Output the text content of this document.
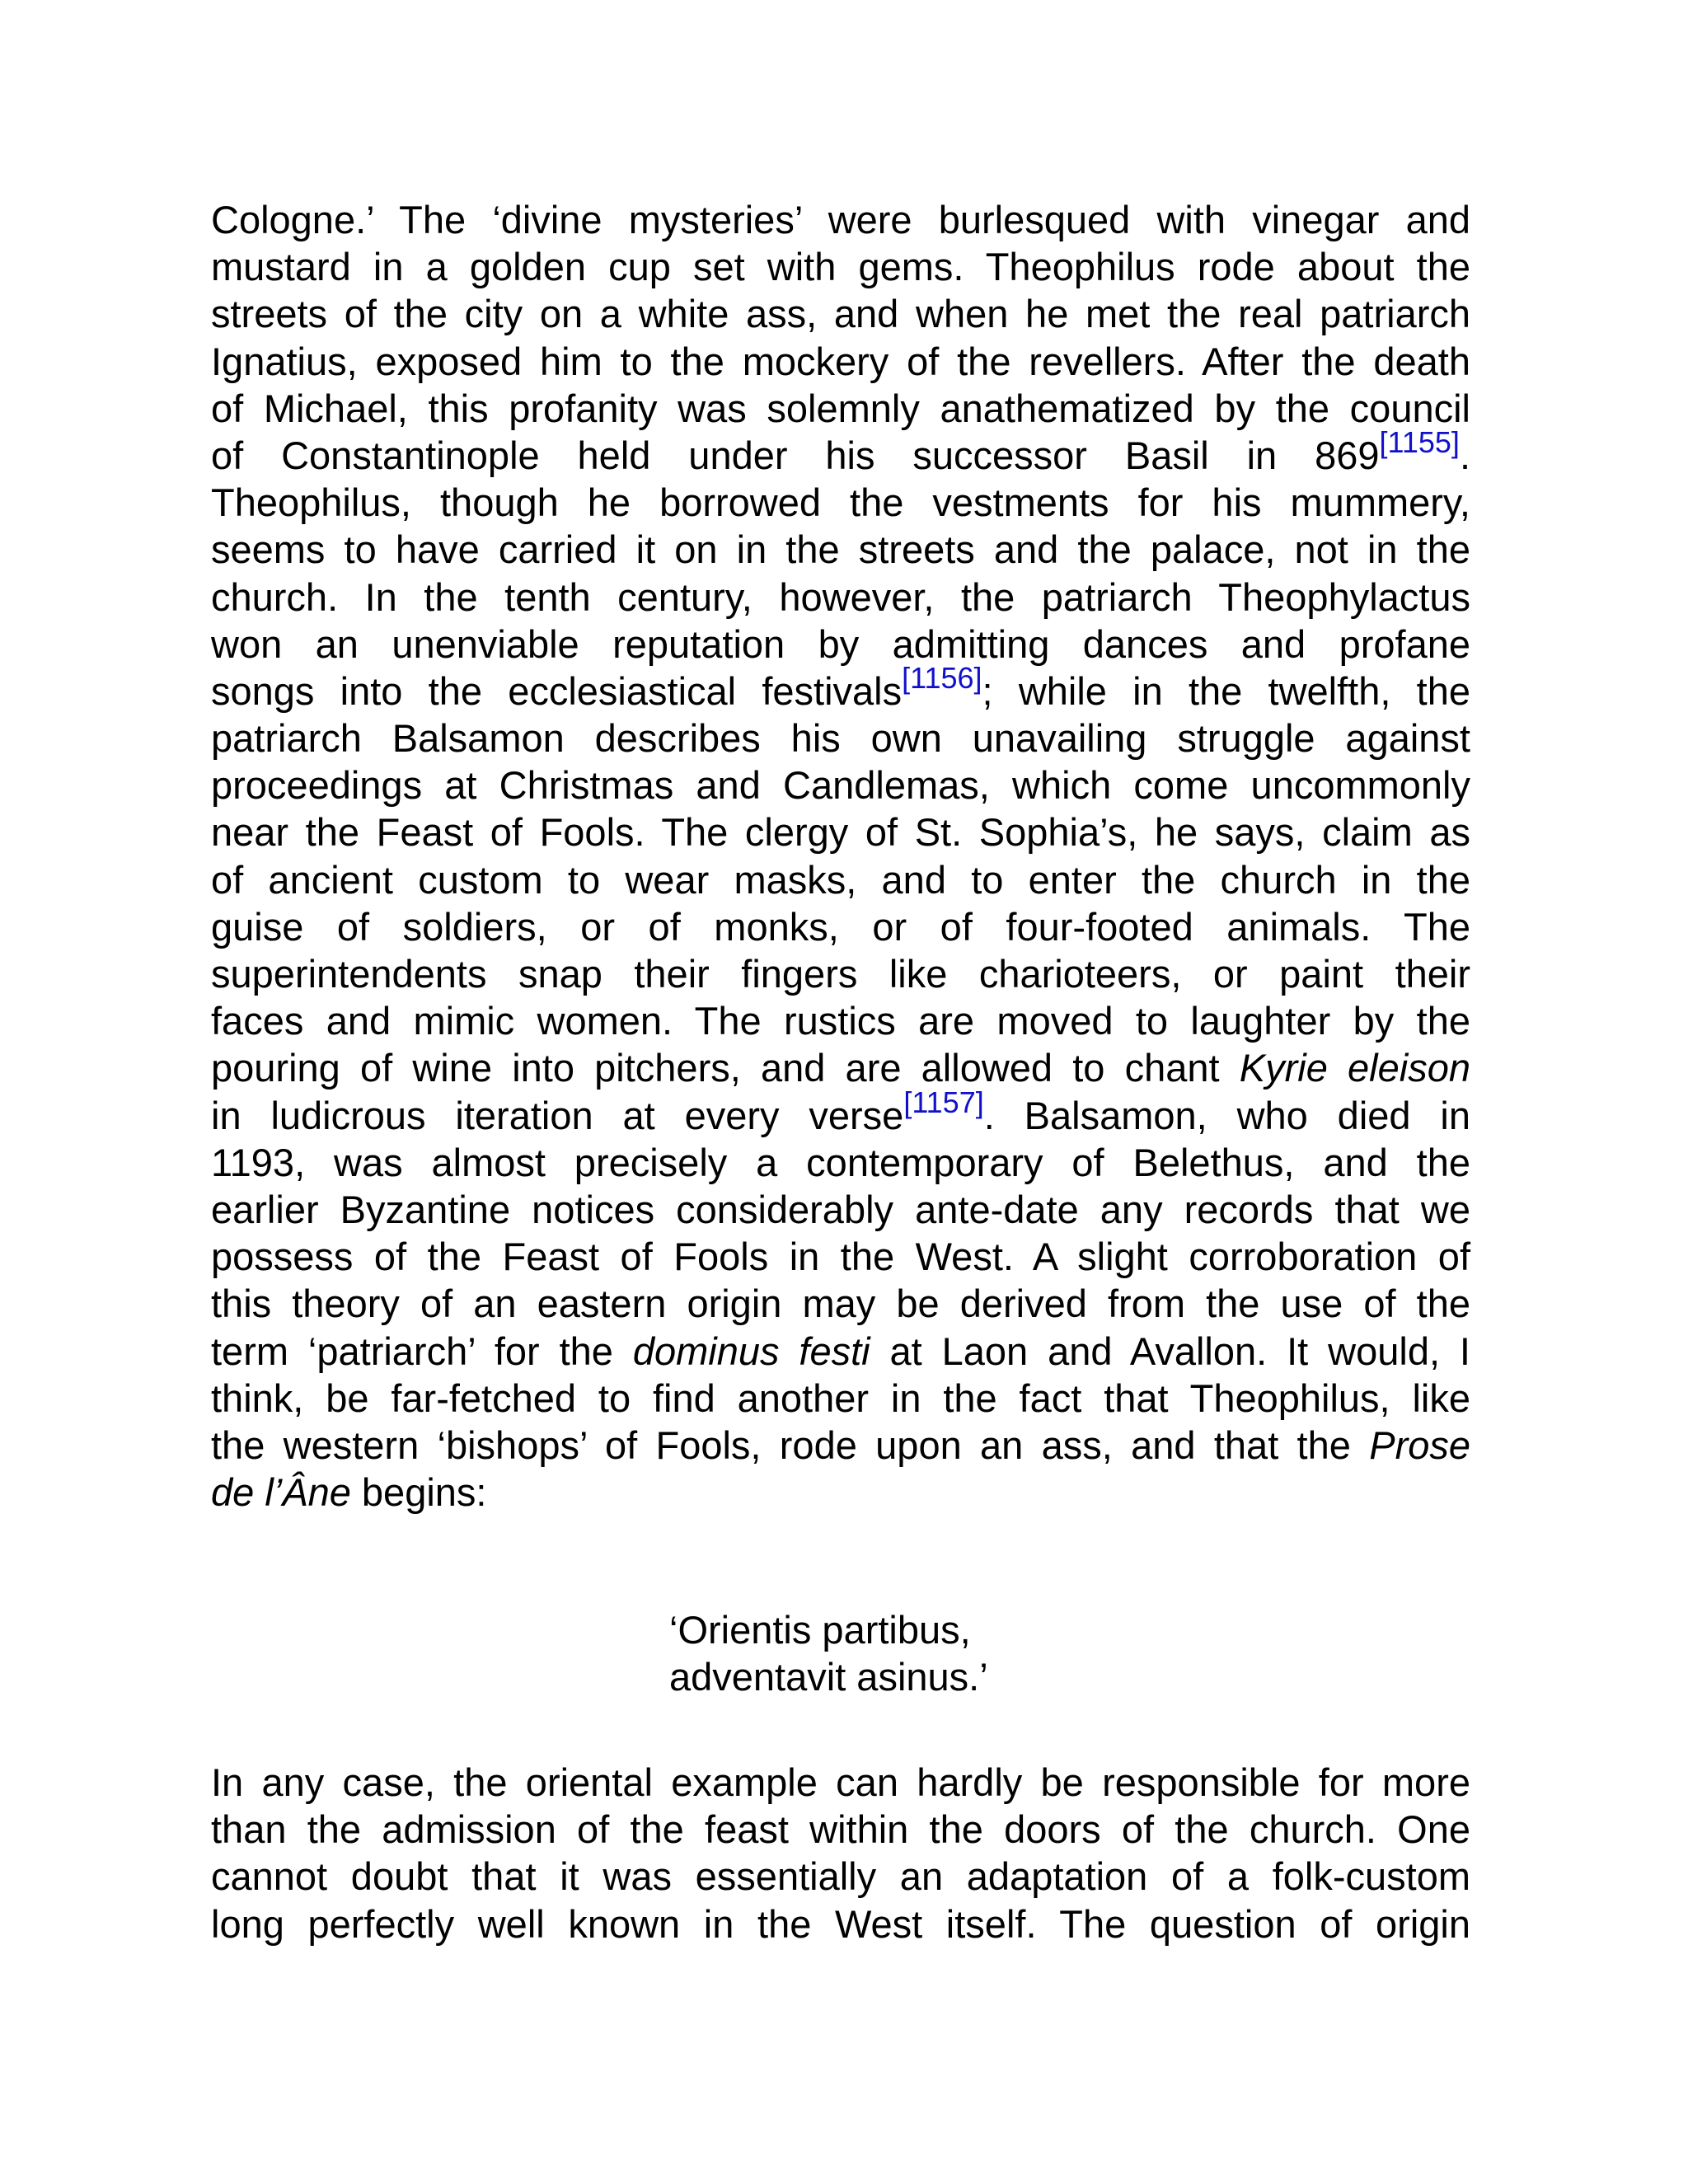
Cologne.’ The ‘divine mysteries’ were burlesqued with vinegar and
mustard in a golden cup set with gems. Theophilus rode about the
streets of the city on a white ass, and when he met the real patriarch
Ignatius, exposed him to the mockery of the revellers. After the death
of Michael, this profanity was solemnly anathematized by the council
of Constantinople held under his successor Basil in 869[1155].
Theophilus, though he borrowed the vestments for his mummery,
seems to have carried it on in the streets and the palace, not in the
church. In the tenth century, however, the patriarch Theophylactus
won an unenviable reputation by admitting dances and profane
songs into the ecclesiastical festivals[1156]; while in the twelfth, the
patriarch Balsamon describes his own unavailing struggle against
proceedings at Christmas and Candlemas, which come uncommonly
near the Feast of Fools. The clergy of St. Sophia’s, he says, claim as
of ancient custom to wear masks, and to enter the church in the
guise of soldiers, or of monks, or of four-footed animals. The
superintendents snap their fingers like charioteers, or paint their
faces and mimic women. The rustics are moved to laughter by the
pouring of wine into pitchers, and are allowed to chant Kyrie eleison
in ludicrous iteration at every verse[1157]. Balsamon, who died in
1193, was almost precisely a contemporary of Belethus, and the
earlier Byzantine notices considerably ante-date any records that we
possess of the Feast of Fools in the West. A slight corroboration of
this theory of an eastern origin may be derived from the use of the
term ‘patriarch’ for the dominus festi at Laon and Avallon. It would, I
think, be far-fetched to find another in the fact that Theophilus, like
the western ‘bishops’ of Fools, rode upon an ass, and that the Prose
de l’Âne begins:
‘Orientis partibus,
adventavit asinus.’
In any case, the oriental example can hardly be responsible for more
than the admission of the feast within the doors of the church. One
cannot doubt that it was essentially an adaptation of a folk-custom
long perfectly well known in the West itself. The question of origin
